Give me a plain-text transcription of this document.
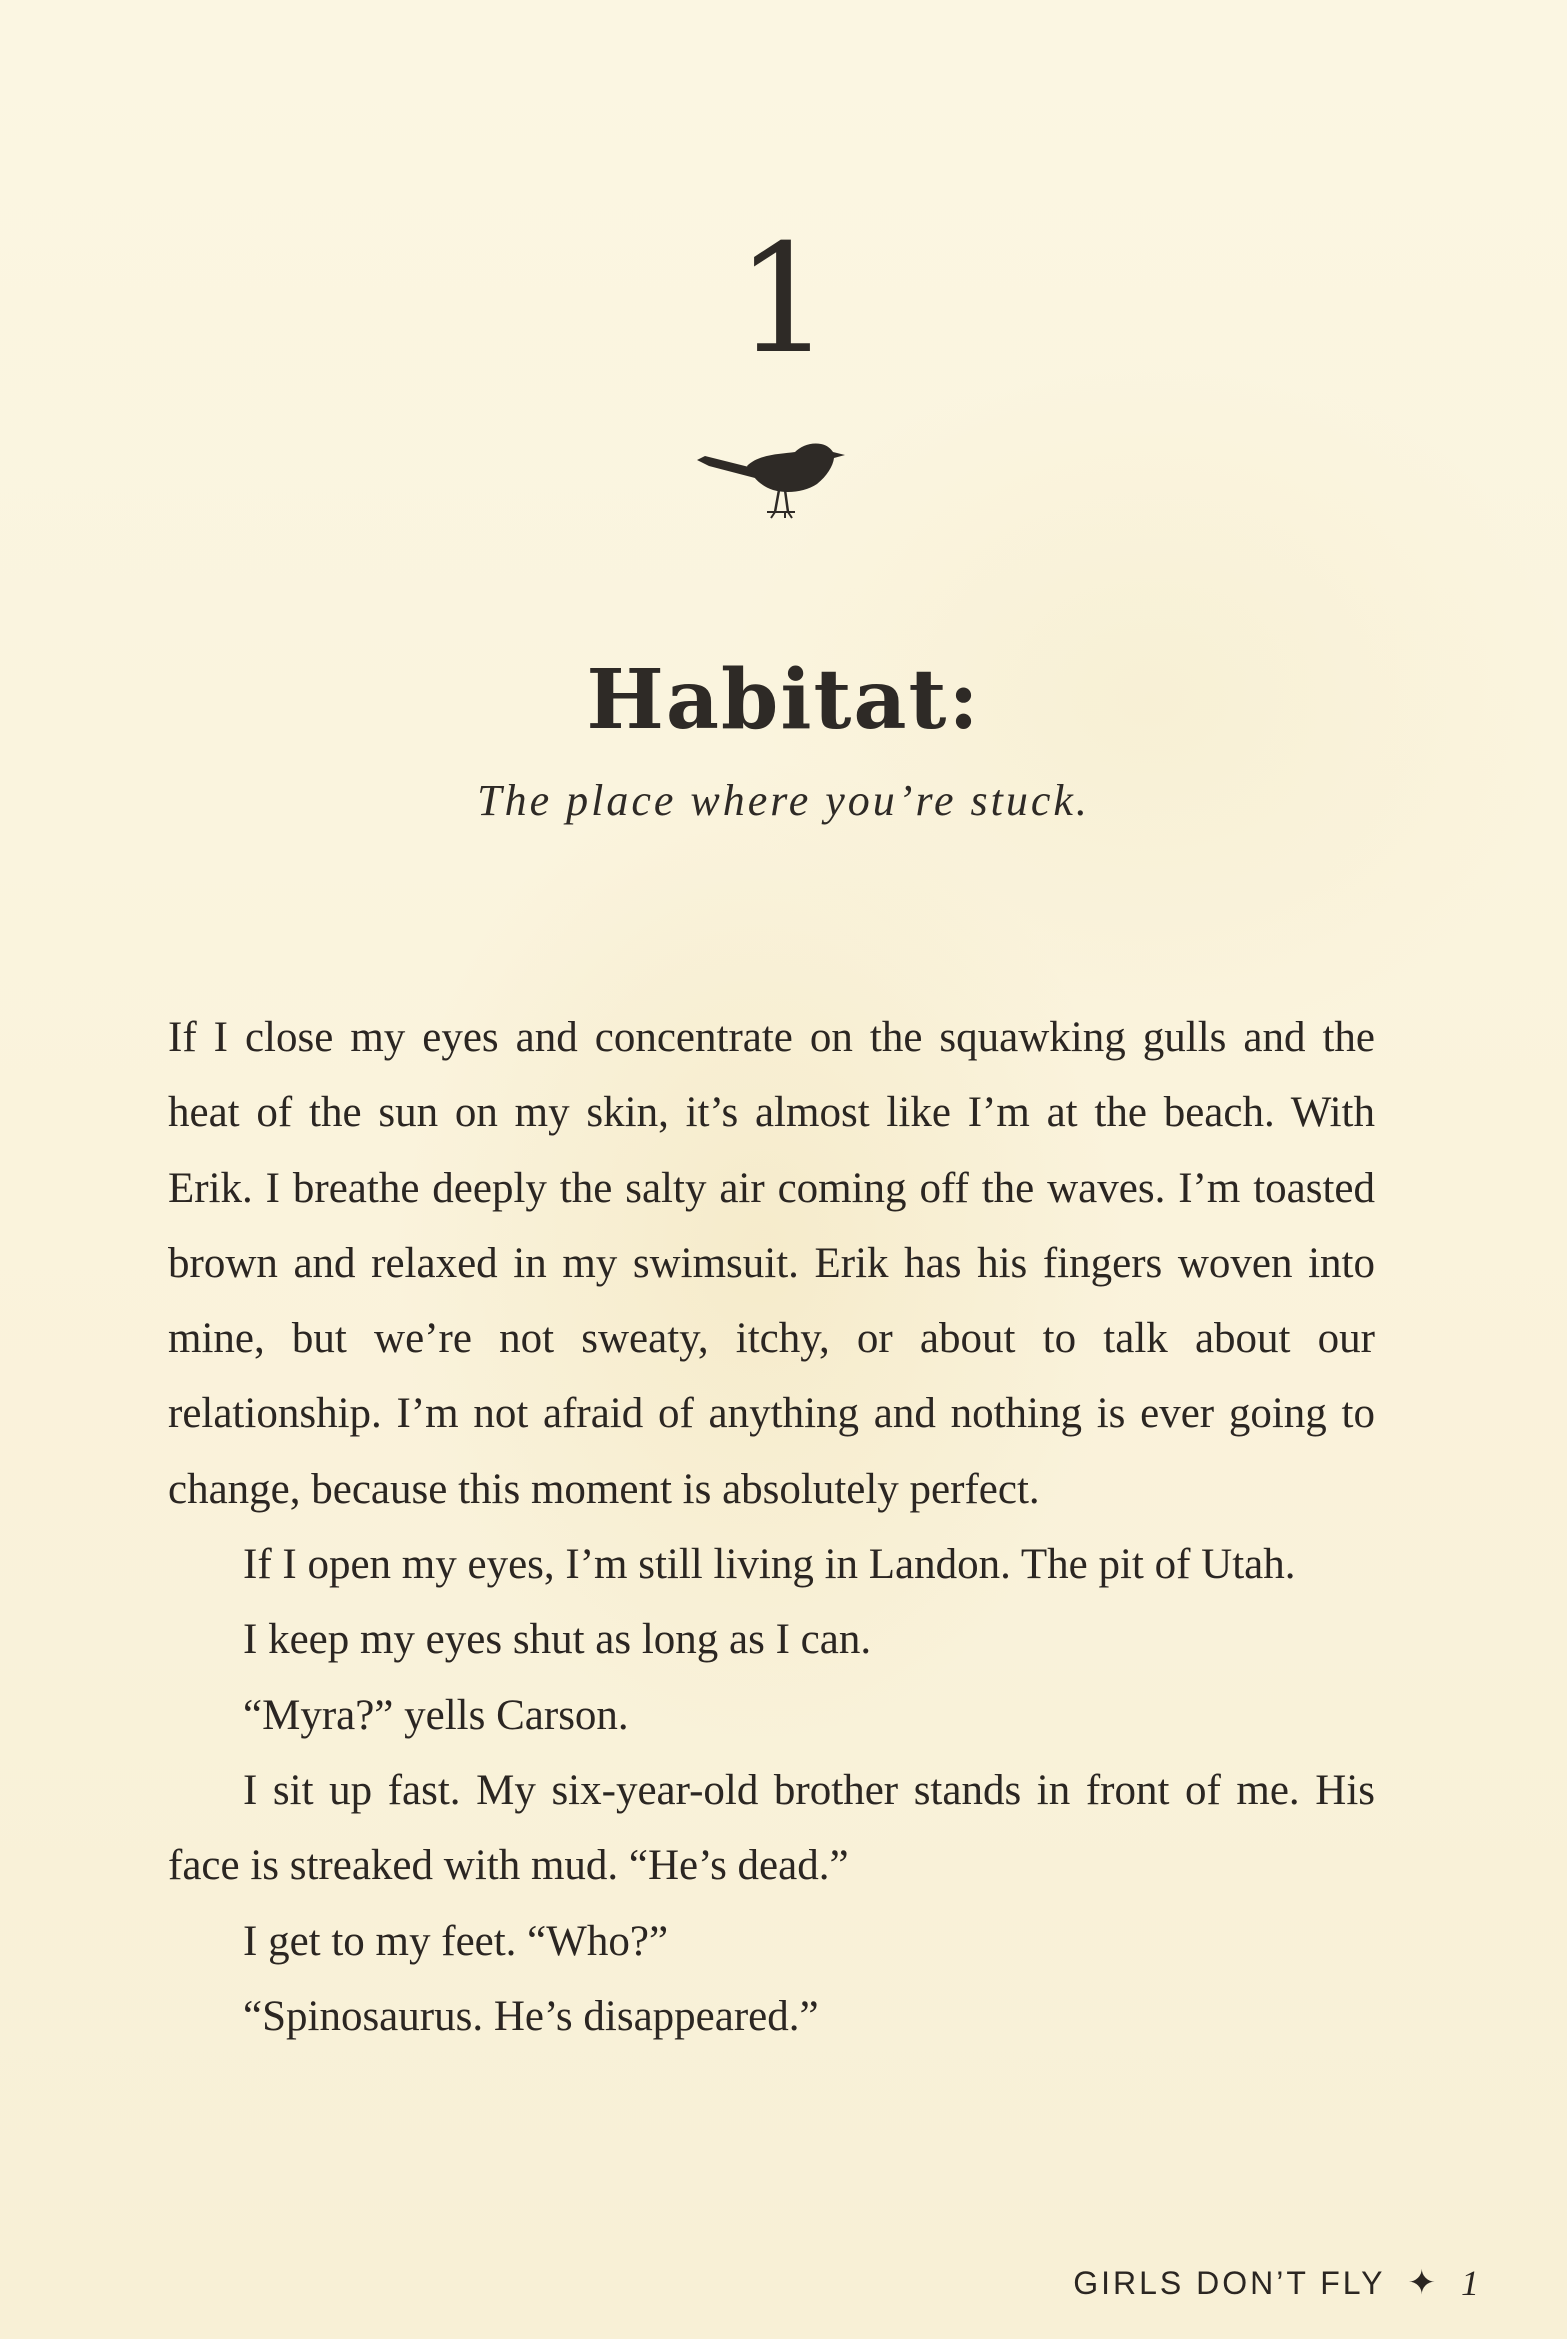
1
Habitat:

The place where you’re stuck.

If I close my eyes and concentrate on the squawking gulls and the heat of the sun on my skin, it’s almost like I’m at the beach. With Erik. I breathe deeply the salty air coming off the waves. I’m toasted brown and relaxed in my swimsuit. Erik has his fingers woven into mine, but we’re not sweaty, itchy, or about to talk about our relationship. I’m not afraid of anything and nothing is ever going to change, because this moment is absolutely perfect.

If I open my eyes, I’m still living in Landon. The pit of Utah.

I keep my eyes shut as long as I can.

“Myra?” yells Carson.

I sit up fast. My six-year-old brother stands in front of me. His face is streaked with mud. “He’s dead.”

I get to my feet. “Who?”

“Spinosaurus. He’s disappeared.”

GIRLS DON’T FLY ✦ 1
